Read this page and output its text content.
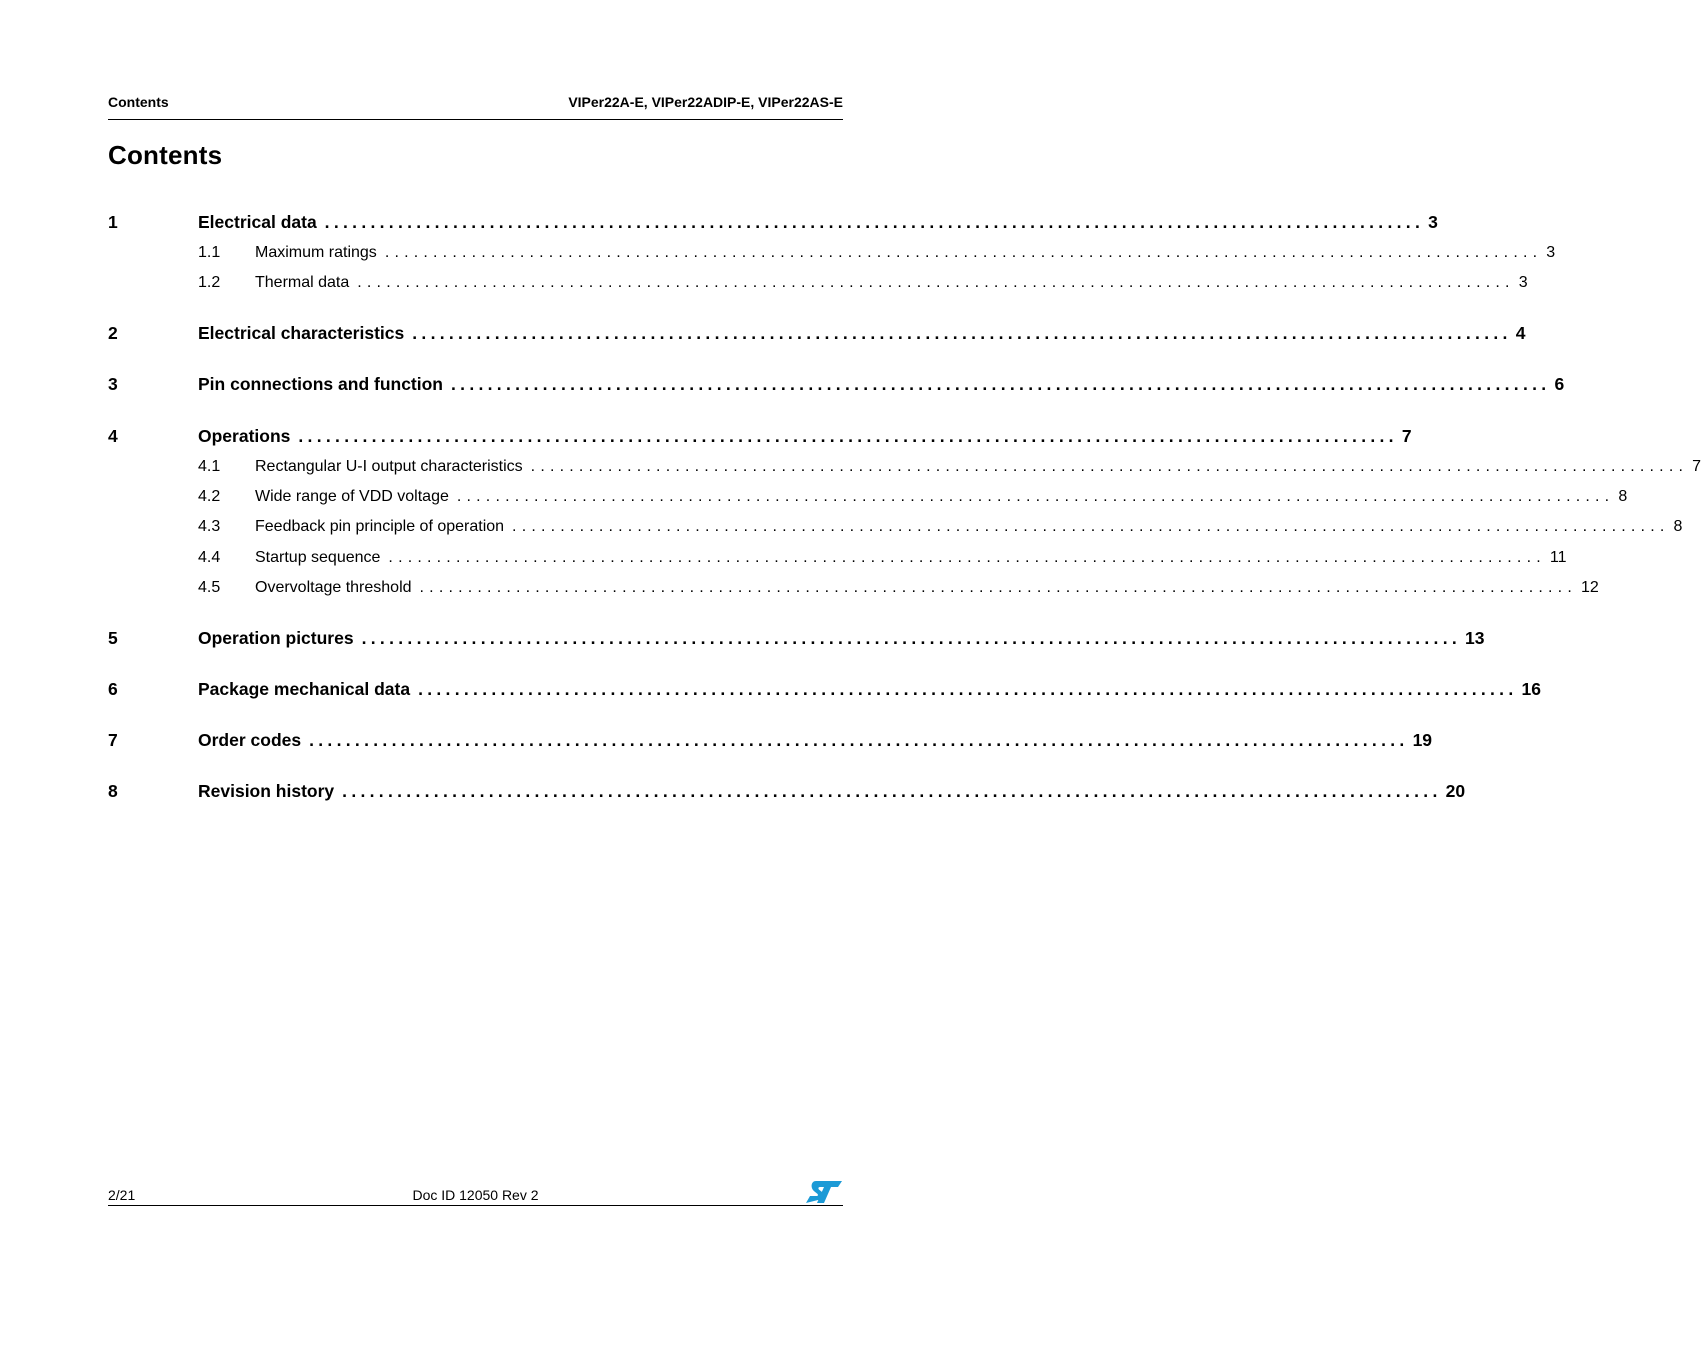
Contents	VIPer22A-E, VIPer22ADIP-E, VIPer22AS-E
Contents
1	Electrical data ........................................................................................................................ 3
1.1 Maximum ratings ........................................................................................................................ 3
1.2 Thermal data ........................................................................................................................ 3
2	Electrical characteristics ........................................................................................................................ 4
3	Pin connections and function ........................................................................................................................ 6
4	Operations ........................................................................................................................ 7
4.1 Rectangular U-I output characteristics ........................................................................................................................ 7
4.2 Wide range of VDD voltage ........................................................................................................................ 8
4.3 Feedback pin principle of operation ........................................................................................................................ 8
4.4 Startup sequence ........................................................................................................................ 11
4.5 Overvoltage threshold ........................................................................................................................ 12
5	Operation pictures ........................................................................................................................ 13
6	Package mechanical data ........................................................................................................................ 16
7	Order codes ........................................................................................................................ 19
8	Revision history ........................................................................................................................ 20
2/21	Doc ID 12050 Rev 2
